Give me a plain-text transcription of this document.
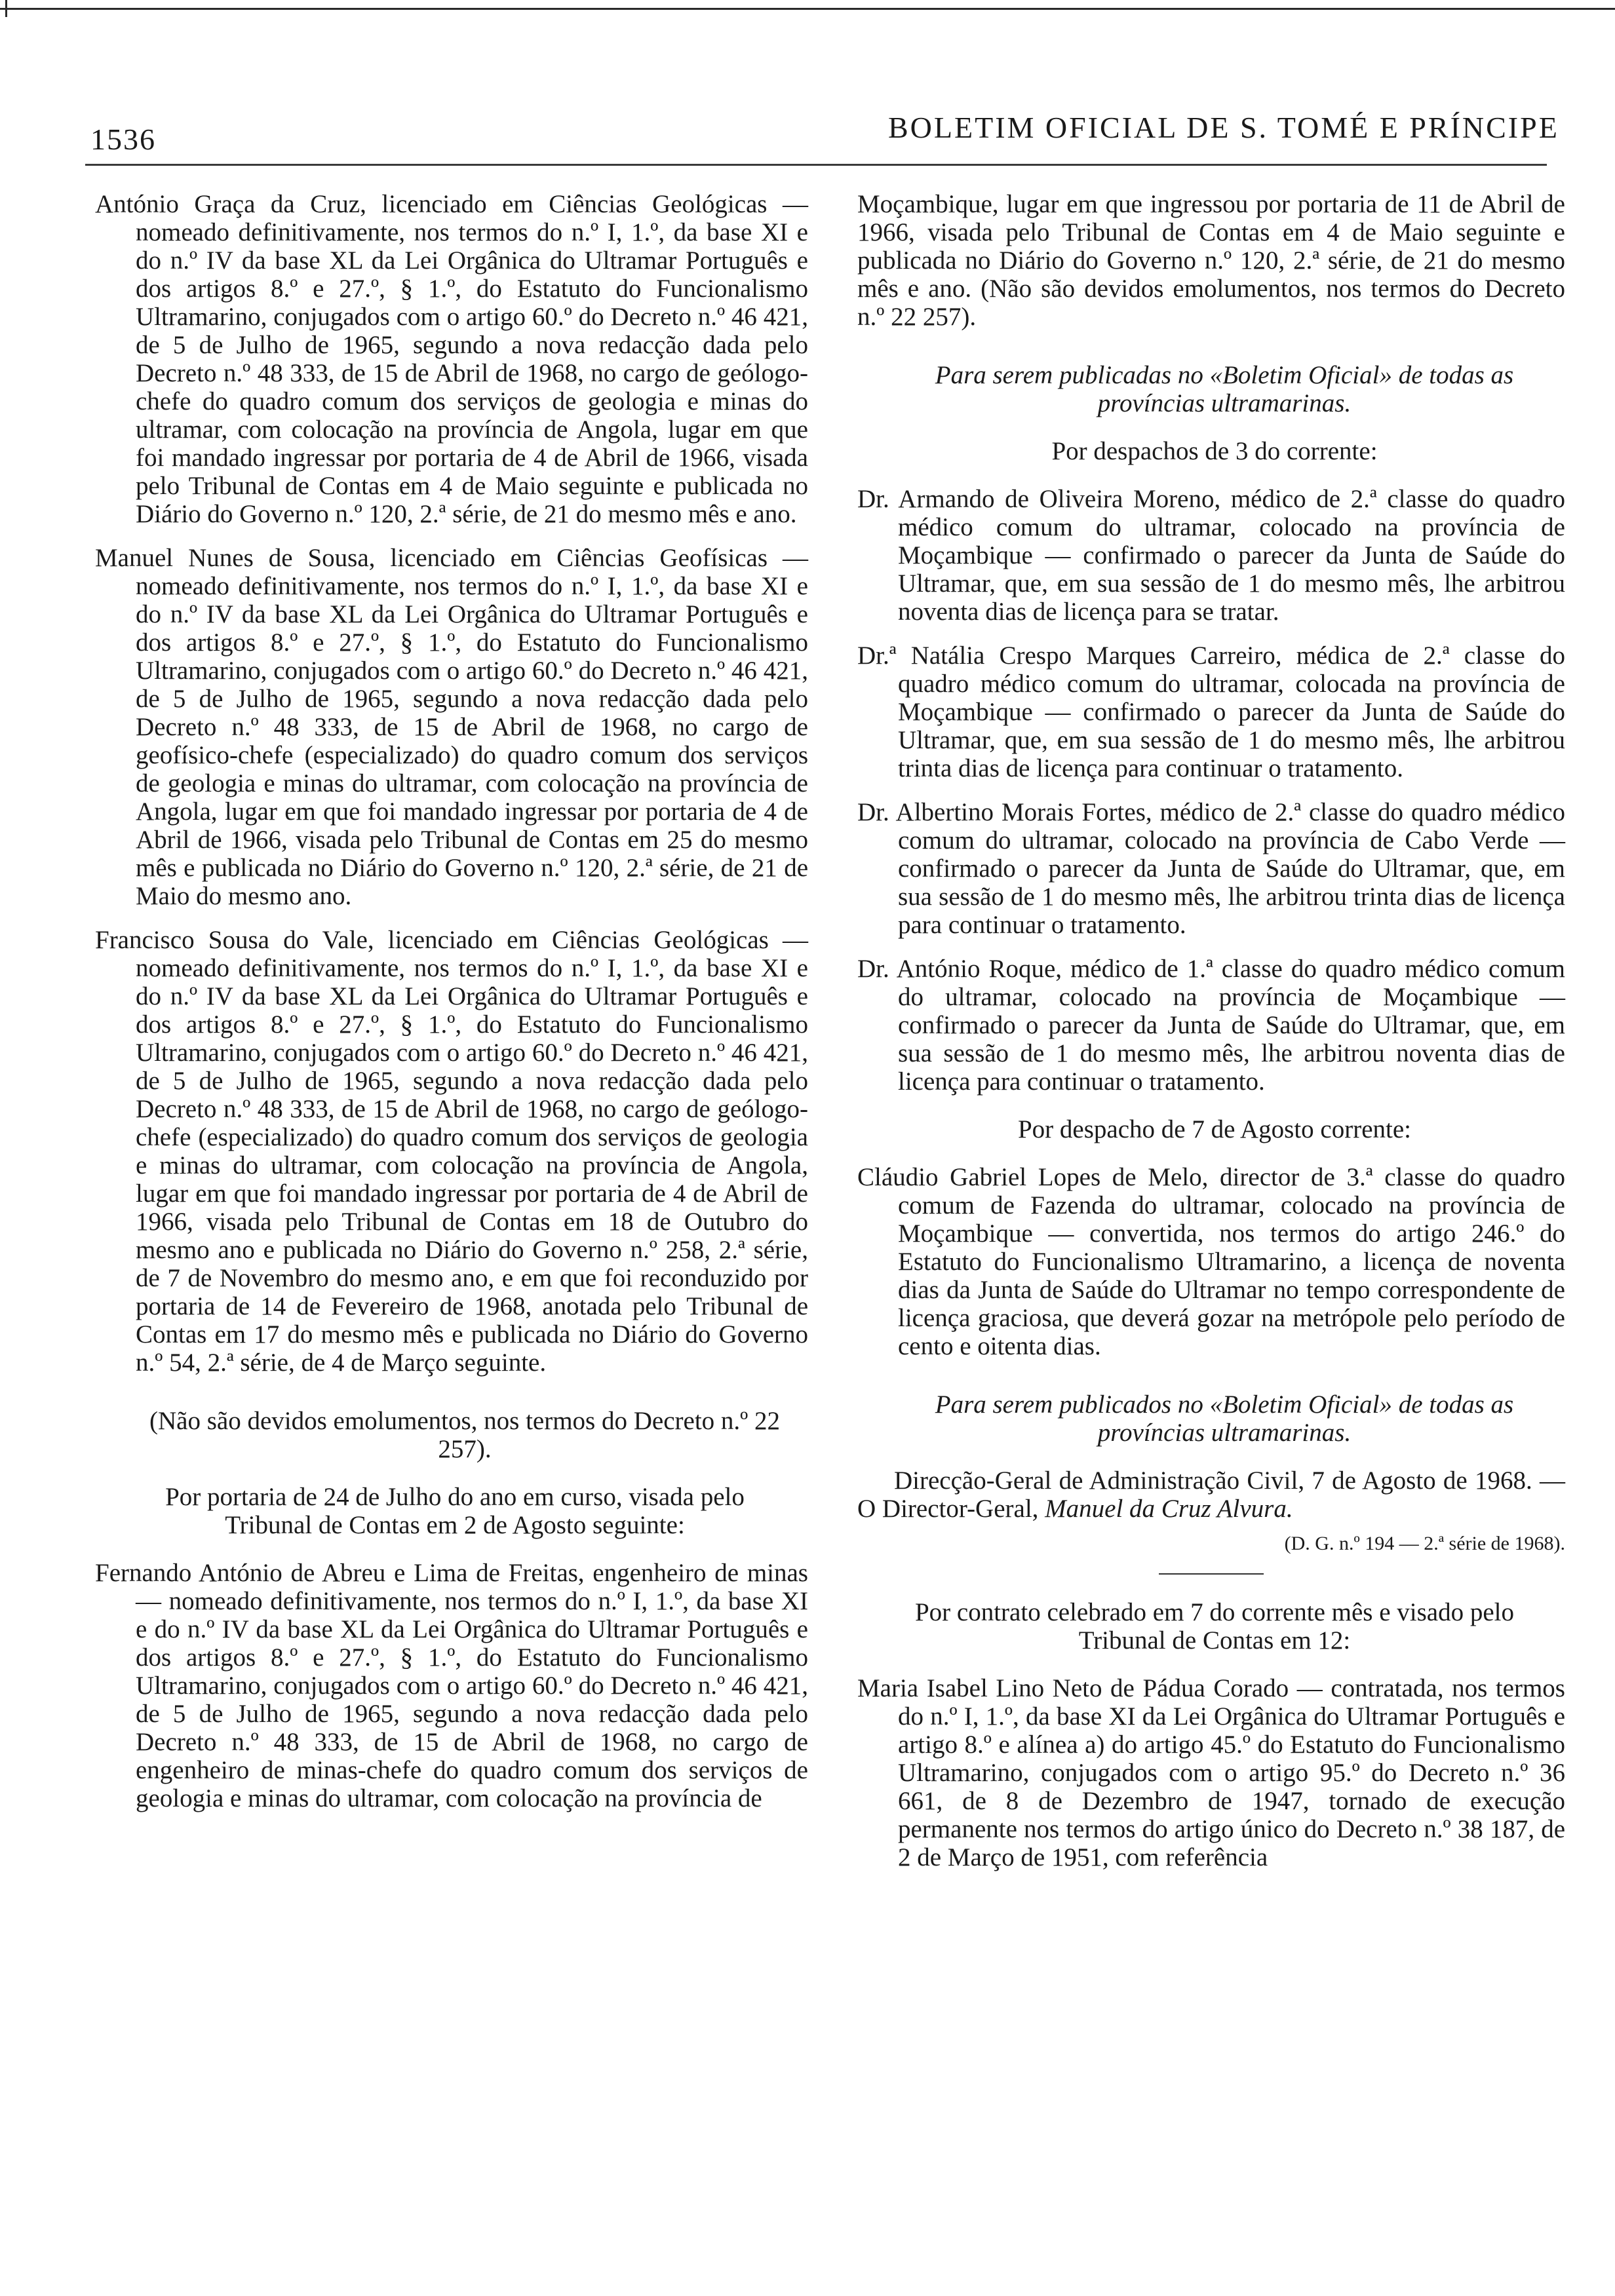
1536	BOLETIM OFICIAL DE S. TOMÉ E PRÍNCIPE

António Graça da Cruz, licenciado em Ciências Geológicas — nomeado definitivamente, nos termos do n.º I, 1.º, da base XI e do n.º IV da base XL da Lei Orgânica do Ultramar Português e dos artigos 8.º e 27.º, § 1.º, do Estatuto do Funcionalismo Ultramarino, conjugados com o artigo 60.º do Decreto n.º 46 421, de 5 de Julho de 1965, segundo a nova redacção dada pelo Decreto n.º 48 333, de 15 de Abril de 1968, no cargo de geólogo-chefe do quadro comum dos serviços de geologia e minas do ultramar, com colocação na província de Angola, lugar em que foi mandado ingressar por portaria de 4 de Abril de 1966, visada pelo Tribunal de Contas em 4 de Maio seguinte e publicada no Diário do Governo n.º 120, 2.ª série, de 21 do mesmo mês e ano.

Manuel Nunes de Sousa, licenciado em Ciências Geofísicas — nomeado definitivamente, nos termos do n.º I, 1.º, da base XI e do n.º IV da base XL da Lei Orgânica do Ultramar Português e dos artigos 8.º e 27.º, § 1.º, do Estatuto do Funcionalismo Ultramarino, conjugados com o artigo 60.º do Decreto n.º 46 421, de 5 de Julho de 1965, segundo a nova redacção dada pelo Decreto n.º 48 333, de 15 de Abril de 1968, no cargo de geofísico-chefe (especializado) do quadro comum dos serviços de geologia e minas do ultramar, com colocação na província de Angola, lugar em que foi mandado ingressar por portaria de 4 de Abril de 1966, visada pelo Tribunal de Contas em 25 do mesmo mês e publicada no Diário do Governo n.º 120, 2.ª série, de 21 de Maio do mesmo ano.

Francisco Sousa do Vale, licenciado em Ciências Geológicas — nomeado definitivamente, nos termos do n.º I, 1.º, da base XI e do n.º IV da base XL da Lei Orgânica do Ultramar Português e dos artigos 8.º e 27.º, § 1.º, do Estatuto do Funcionalismo Ultramarino, conjugados com o artigo 60.º do Decreto n.º 46 421, de 5 de Julho de 1965, segundo a nova redacção dada pelo Decreto n.º 48 333, de 15 de Abril de 1968, no cargo de geólogo-chefe (especializado) do quadro comum dos serviços de geologia e minas do ultramar, com colocação na província de Angola, lugar em que foi mandado ingressar por portaria de 4 de Abril de 1966, visada pelo Tribunal de Contas em 18 de Outubro do mesmo ano e publicada no Diário do Governo n.º 258, 2.ª série, de 7 de Novembro do mesmo ano, e em que foi reconduzido por portaria de 14 de Fevereiro de 1968, anotada pelo Tribunal de Contas em 17 do mesmo mês e publicada no Diário do Governo n.º 54, 2.ª série, de 4 de Março seguinte.

(Não são devidos emolumentos, nos termos do Decreto n.º 22 257).

Por portaria de 24 de Julho do ano em curso, visada pelo Tribunal de Contas em 2 de Agosto seguinte:

Fernando António de Abreu e Lima de Freitas, engenheiro de minas — nomeado definitivamente, nos termos do n.º I, 1.º, da base XI e do n.º IV da base XL da Lei Orgânica do Ultramar Português e dos artigos 8.º e 27.º, § 1.º, do Estatuto do Funcionalismo Ultramarino, conjugados com o artigo 60.º do Decreto n.º 46 421, de 5 de Julho de 1965, segundo a nova redacção dada pelo Decreto n.º 48 333, de 15 de Abril de 1968, no cargo de engenheiro de minas-chefe do quadro comum dos serviços de geologia e minas do ultramar, com colocação na província de

Moçambique, lugar em que ingressou por portaria de 11 de Abril de 1966, visada pelo Tribunal de Contas em 4 de Maio seguinte e publicada no Diário do Governo n.º 120, 2.ª série, de 21 do mesmo mês e ano. (Não são devidos emolumentos, nos termos do Decreto n.º 22 257).

Para serem publicadas no «Boletim Oficial» de todas as províncias ultramarinas.

Por despachos de 3 do corrente:

Dr. Armando de Oliveira Moreno, médico de 2.ª classe do quadro médico comum do ultramar, colocado na província de Moçambique — confirmado o parecer da Junta de Saúde do Ultramar, que, em sua sessão de 1 do mesmo mês, lhe arbitrou noventa dias de licença para se tratar.

Dr.ª Natália Crespo Marques Carreiro, médica de 2.ª classe do quadro médico comum do ultramar, colocada na província de Moçambique — confirmado o parecer da Junta de Saúde do Ultramar, que, em sua sessão de 1 do mesmo mês, lhe arbitrou trinta dias de licença para continuar o tratamento.

Dr. Albertino Morais Fortes, médico de 2.ª classe do quadro médico comum do ultramar, colocado na província de Cabo Verde — confirmado o parecer da Junta de Saúde do Ultramar, que, em sua sessão de 1 do mesmo mês, lhe arbitrou trinta dias de licença para continuar o tratamento.

Dr. António Roque, médico de 1.ª classe do quadro médico comum do ultramar, colocado na província de Moçambique — confirmado o parecer da Junta de Saúde do Ultramar, que, em sua sessão de 1 do mesmo mês, lhe arbitrou noventa dias de licença para continuar o tratamento.

Por despacho de 7 de Agosto corrente:

Cláudio Gabriel Lopes de Melo, director de 3.ª classe do quadro comum de Fazenda do ultramar, colocado na província de Moçambique — convertida, nos termos do artigo 246.º do Estatuto do Funcionalismo Ultramarino, a licença de noventa dias da Junta de Saúde do Ultramar no tempo correspondente de licença graciosa, que deverá gozar na metrópole pelo período de cento e oitenta dias.

Para serem publicados no «Boletim Oficial» de todas as províncias ultramarinas.

Direcção-Geral de Administração Civil, 7 de Agosto de 1968. — O Director-Geral, Manuel da Cruz Alvura.

(D. G. n.º 194 — 2.ª série de 1968).

Por contrato celebrado em 7 do corrente mês e visado pelo Tribunal de Contas em 12:

Maria Isabel Lino Neto de Pádua Corado — contratada, nos termos do n.º I, 1.º, da base XI da Lei Orgânica do Ultramar Português e artigo 8.º e alínea a) do artigo 45.º do Estatuto do Funcionalismo Ultramarino, conjugados com o artigo 95.º do Decreto n.º 36 661, de 8 de Dezembro de 1947, tornado de execução permanente nos termos do artigo único do Decreto n.º 38 187, de 2 de Março de 1951, com referência
